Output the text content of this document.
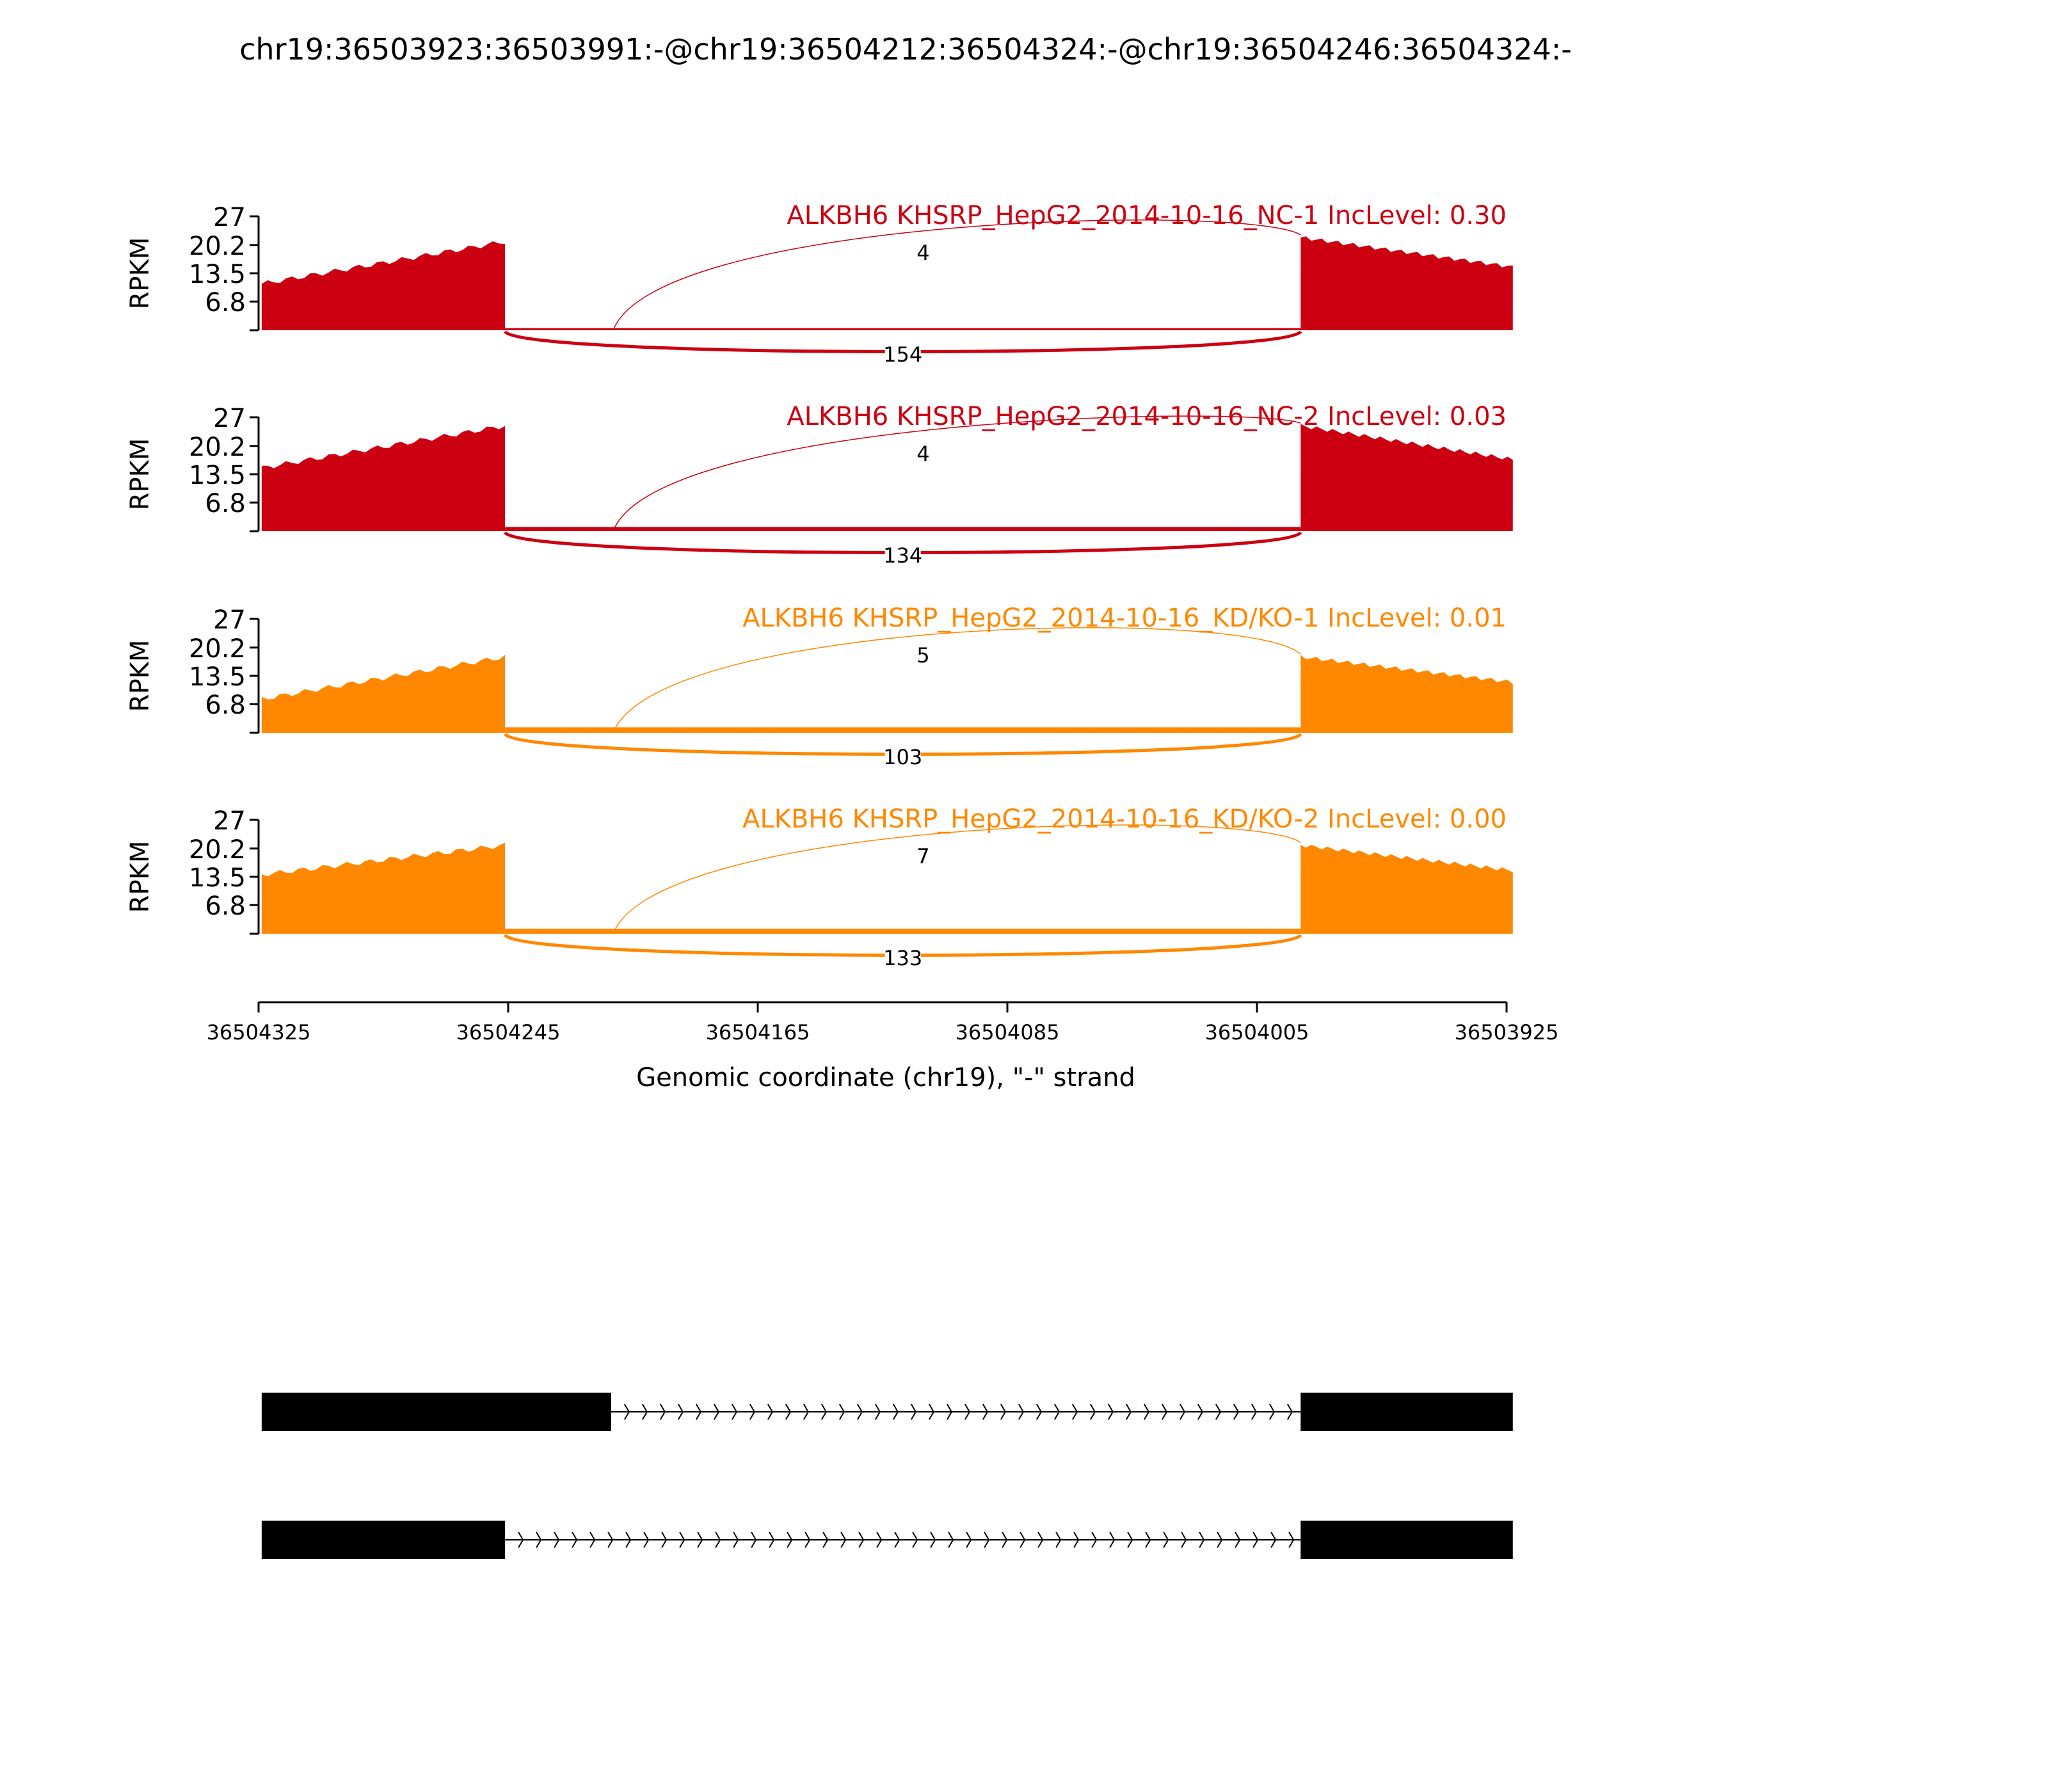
chr19:36503923:36503991:-@chr19:36504212:36504324:-@chr19:36504246:36504324:-
6.8
13.5
20.2
27
RPKM	4
154
ALKBH6 KHSRP_HepG2_2014-10-16_NC-1 IncLevel: 0.30
6.8
13.5
20.2
27
RPKM	4
134
ALKBH6 KHSRP_HepG2_2014-10-16_NC-2 IncLevel: 0.03
6.8
13.5
20.2
27
RPKM	5
103
ALKBH6 KHSRP_HepG2_2014-10-16_KD/KO-1 IncLevel: 0.01
6.8
13.5
20.2
27
RPKM	7
133
ALKBH6 KHSRP_HepG2_2014-10-16_KD/KO-2 IncLevel: 0.00
36504325	36504245	36504165	36504085	36504005	36503925
Genomic coordinate (chr19), "-" strand
